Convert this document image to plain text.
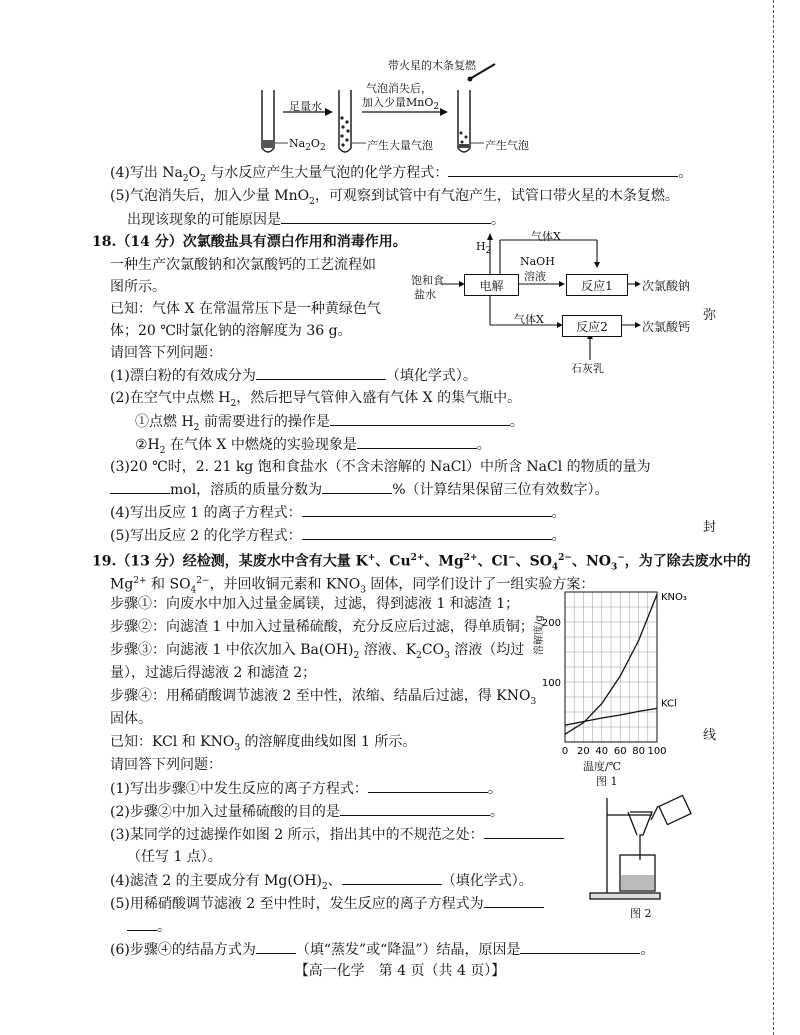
弥
封
线
带火星的木条复燃
足量水
气泡消失后，
加入少量MnO$_2$
$Na_2O_2$	产生大量气泡	产生气泡
(4)写出 $Na_2O_2$ 与水反应产生大量气泡的化学方程式：	。
(5)气泡消失后，加入少量 MnO$_2$，可观察到试管中有气泡产生，试管口带火星的木条复燃。
出现该现象的可能原因是	。
18.（14 分）次氯酸盐具有漂白作用和消毒作用。
一种生产次氯酸钠和次氯酸钙的工艺流程如
图所示。
已知：气体 X 在常温常压下是一种黄绿色气
体；20 ℃时氯化钠的溶解度为 36 g。
请回答下列问题：
饱和食
盐水
电解
$H_2$
气体X
NaOH
溶液
反应1 次氯酸钠
气体X	反应2	次氯酸钙
石灰乳
(1)漂白粉的有效成分为	（填化学式）。
(2)在空气中点燃 $H_2$，然后把导气管伸入盛有气体 X 的集气瓶中。
①点燃 $H_2$ 前需要进行的操作是	。
$②H_2$ 在气体 X 中燃烧的实验现象是	。
(3)20 ℃时，2. 21 kg 饱和食盐水（不含未溶解的 NaCl）中所含 NaCl 的物质的量为
mol，溶质的质量分数为	%（计算结果保留三位有效数字）。
(4)写出反应 1 的离子方程式：	。
(5)写出反应 2 的化学方程式：	。
19.（13 分）经检测，某废水中含有大量 K+、$Cu^{2+}$、$Mg^{2+}$、Cl−、$SO_4^{2-}$、$NO_3^-$，为了除去废水中的
$Mg^{2+}$ 和 $SO_4^{2-}$，并回收铜元素和 $KNO_3$ 固体，同学们设计了一组实验方案：
步骤①：向废水中加入过量金属镁，过滤，得到滤液 1 和滤渣 1；
步骤②：向滤渣 1 中加入过量稀硫酸，充分反应后过滤，得单质铜；
步骤③：向滤液 1 中依次加入 $Ba(OH)_2$ 溶液、$K_2CO_3$ 溶液（均过
量），过滤后得滤液 2 和滤渣 2；
步骤④：用稀硝酸调节滤液 2 至中性，浓缩、结晶后过滤，得 $KNO_3$
固体。
已知：KCl 和 $KNO_3$ 的溶解度曲线如图 1 所示。
请回答下列问题：
(1)写出步骤①中发生反应的离子方程式：	。
(2)步骤②中加入过量稀硫酸的目的是	。
(3)某同学的过滤操作如图 2 所示，指出其中的不规范之处：
（任写 1 点）。
(4)滤渣 2 的主要成分有 $Mg(OH)_2$、	（填化学式）。
(5)用稀硝酸调节滤液 2 至中性时，发生反应的离子方程式为
。
(6)步骤④的结晶方式为	（填“蒸发”或“降温”）结晶，原因是	。
0 20 40 60 80 100
100
200
KNO₃
KCl
溶解度/g
温度/℃
图 1
图 2
【高一化学　第 4 页（共 4 页）】
